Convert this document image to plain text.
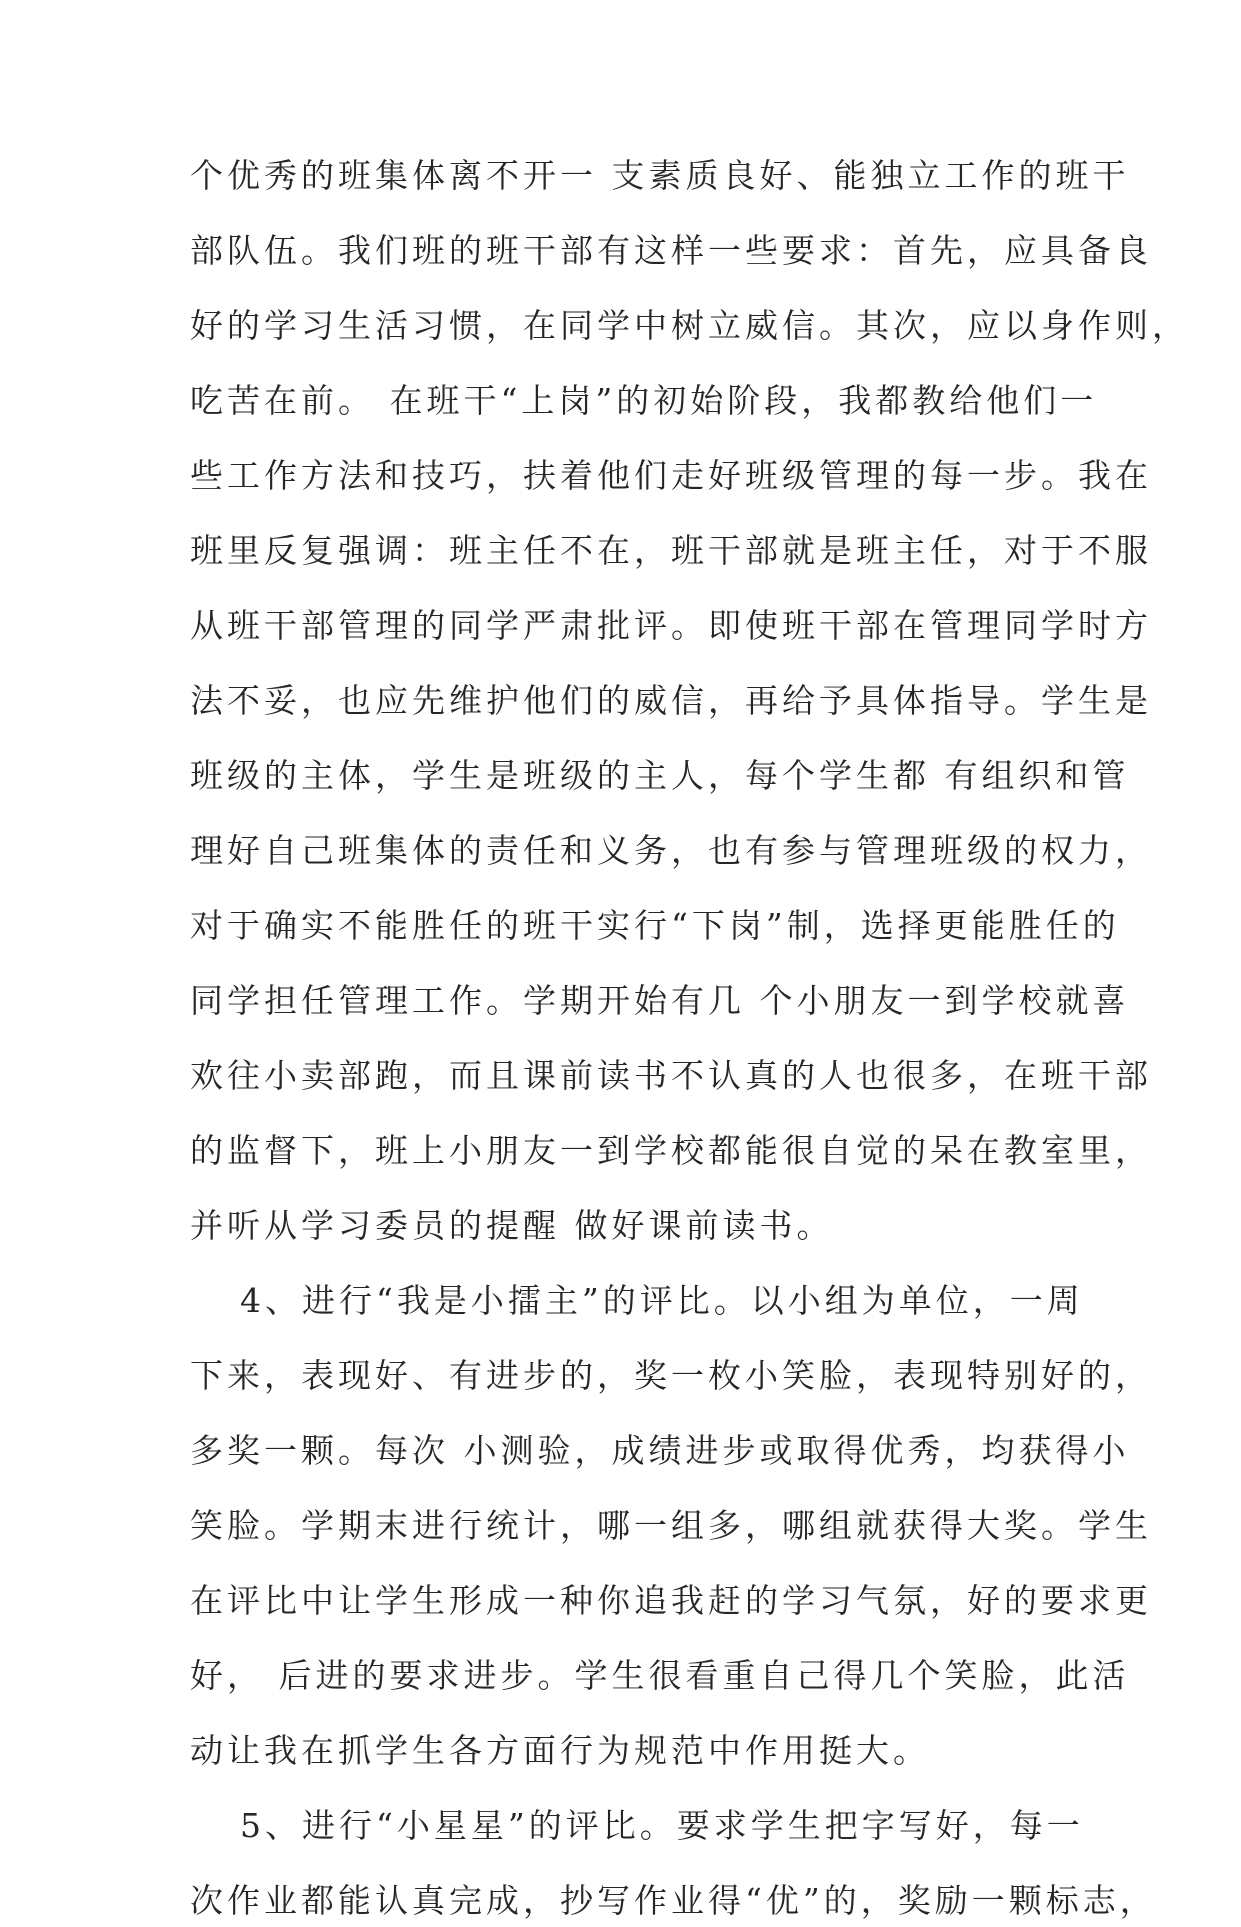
个优秀的班集体离不开一 支素质良好、能独立工作的班干

部队伍。我们班的班干部有这样一些要求：首先，应具备良

好的学习生活习惯，在同学中树立威信。其次，应以身作则，

吃苦在前。 在班干“上岗”的初始阶段，我都教给他们一

些工作方法和技巧，扶着他们走好班级管理的每一步。我在

班里反复强调：班主任不在，班干部就是班主任，对于不服

从班干部管理的同学严肃批评。即使班干部在管理同学时方

法不妥，也应先维护他们的威信，再给予具体指导。学生是

班级的主体，学生是班级的主人，每个学生都 有组织和管

理好自己班集体的责任和义务，也有参与管理班级的权力，

对于确实不能胜任的班干实行“下岗”制，选择更能胜任的

同学担任管理工作。学期开始有几 个小朋友一到学校就喜

欢往小卖部跑，而且课前读书不认真的人也很多，在班干部

的监督下，班上小朋友一到学校都能很自觉的呆在教室里，

并听从学习委员的提醒 做好课前读书。

4、进行“我是小擂主”的评比。以小组为单位，一周

下来，表现好、有进步的，奖一枚小笑脸，表现特别好的，

多奖一颗。每次 小测验，成绩进步或取得优秀，均获得小

笑脸。学期末进行统计，哪一组多，哪组就获得大奖。学生

在评比中让学生形成一种你追我赶的学习气氛，好的要求更

好， 后进的要求进步。学生很看重自己得几个笑脸，此活

动让我在抓学生各方面行为规范中作用挺大。

5、进行“小星星”的评比。要求学生把字写好，每一

次作业都能认真完成，抄写作业得“优”的，奖励一颗标志，
